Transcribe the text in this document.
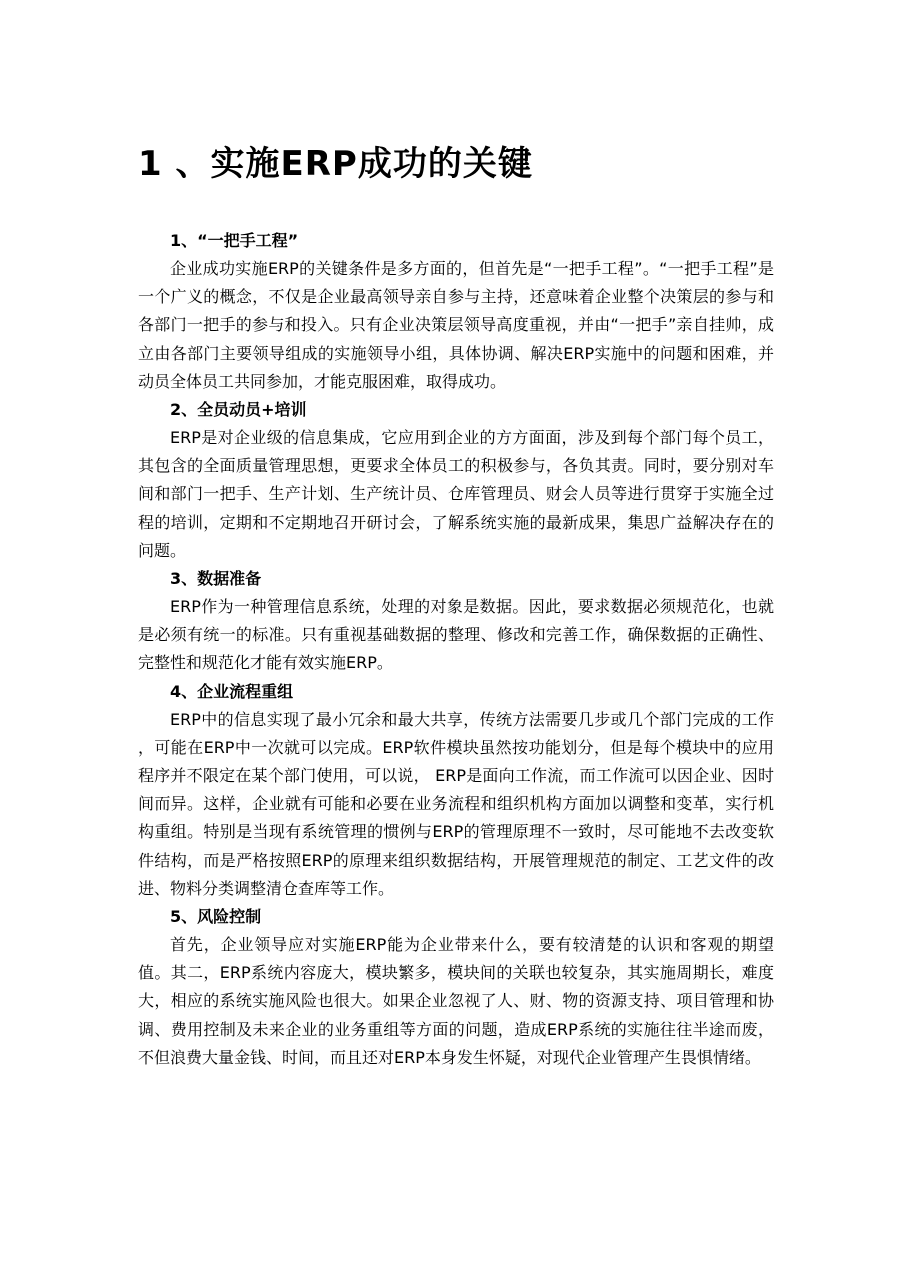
1 、实施ERP成功的关键

1、“一把手工程”

企业成功实施ERP的关键条件是多方面的，但首先是“一把手工程”。“一把手工程”是一个广义的概念，不仅是企业最高领导亲自参与主持，还意味着企业整个决策层的参与和各部门一把手的参与和投入。只有企业决策层领导高度重视，并由“一把手”亲自挂帅，成立由各部门主要领导组成的实施领导小组，具体协调、解决ERP实施中的问题和困难，并动员全体员工共同参加，才能克服困难，取得成功。

2、全员动员+培训

ERP是对企业级的信息集成，它应用到企业的方方面面，涉及到每个部门每个员工，其包含的全面质量管理思想，更要求全体员工的积极参与，各负其责。同时，要分别对车间和部门一把手、生产计划、生产统计员、仓库管理员、财会人员等进行贯穿于实施全过程的培训，定期和不定期地召开研讨会，了解系统实施的最新成果，集思广益解决存在的问题。

3、数据准备

ERP作为一种管理信息系统，处理的对象是数据。因此，要求数据必须规范化，也就是必须有统一的标准。只有重视基础数据的整理、修改和完善工作，确保数据的正确性、完整性和规范化才能有效实施ERP。

4、企业流程重组

ERP中的信息实现了最小冗余和最大共享，传统方法需要几步或几个部门完成的工作 ，可能在ERP中一次就可以完成。ERP软件模块虽然按功能划分，但是每个模块中的应用程序并不限定在某个部门使用，可以说， ERP是面向工作流，而工作流可以因企业、因时间而异。这样，企业就有可能和必要在业务流程和组织机构方面加以调整和变革，实行机构重组。特别是当现有系统管理的惯例与ERP的管理原理不一致时，尽可能地不去改变软件结构，而是严格按照ERP的原理来组织数据结构，开展管理规范的制定、工艺文件的改进、物料分类调整清仓查库等工作。

5、风险控制

首先，企业领导应对实施ERP能为企业带来什么，要有较清楚的认识和客观的期望值。其二，ERP系统内容庞大，模块繁多，模块间的关联也较复杂，其实施周期长，难度大，相应的系统实施风险也很大。如果企业忽视了人、财、物的资源支持、项目管理和协调、费用控制及未来企业的业务重组等方面的问题，造成ERP系统的实施往往半途而废，不但浪费大量金钱、时间，而且还对ERP本身发生怀疑，对现代企业管理产生畏惧情绪。
